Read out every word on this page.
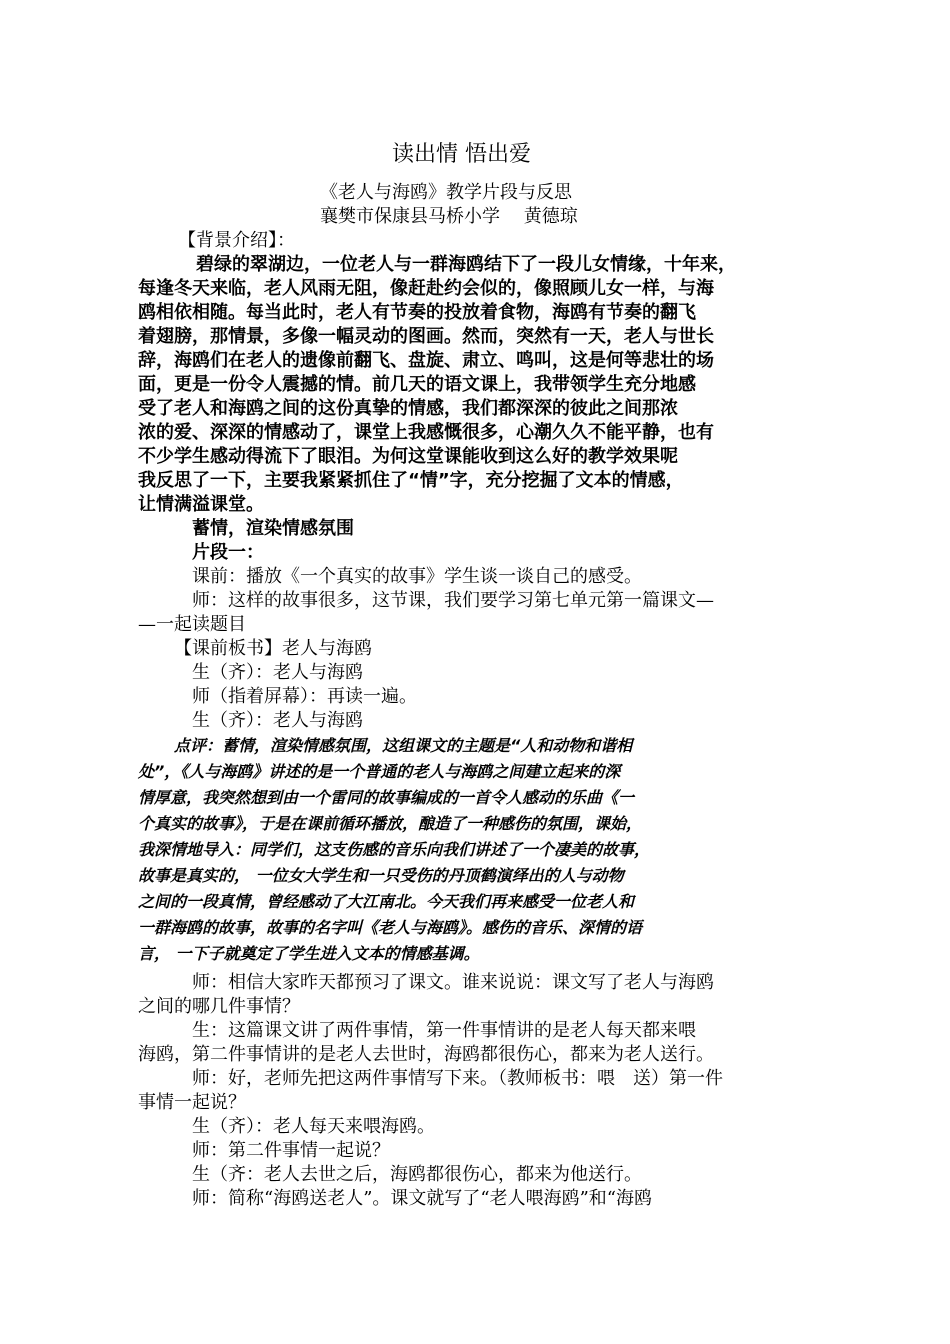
读出情 悟出爱
《老人与海鸥》教学片段与反思
襄樊市保康县马桥小学　 黄德琼
【背景介绍】：
碧绿的翠湖边，一位老人与一群海鸥结下了一段儿女情缘，十年来，
每逢冬天来临，老人风雨无阻，像赶赴约会似的，像照顾儿女一样，与海
鸥相依相随。每当此时，老人有节奏的投放着食物，海鸥有节奏的翻飞
着翅膀，那情景，多像一幅灵动的图画。然而，突然有一天，老人与世长
辞，海鸥们在老人的遗像前翻飞、盘旋、肃立、鸣叫，这是何等悲壮的场
面，更是一份令人震撼的情。前几天的语文课上，我带领学生充分地感
受了老人和海鸥之间的这份真挚的情感，我们都深深的彼此之间那浓
浓的爱、深深的情感动了，课堂上我感慨很多，心潮久久不能平静，也有
不少学生感动得流下了眼泪。为何这堂课能收到这么好的教学效果呢
我反思了一下，主要我紧紧抓住了“情”字，充分挖掘了文本的情感，
让情满溢课堂。
蓄情，渲染情感氛围
片段一：
课前：播放《一个真实的故事》学生谈一谈自己的感受。
师：这样的故事很多，这节课，我们要学习第七单元第一篇课文—
—一起读题目
【课前板书】老人与海鸥
生（齐）：老人与海鸥
师（指着屏幕）：再读一遍。
生（齐）：老人与海鸥
点评：蓄情，渲染情感氛围，这组课文的主题是“人和动物和谐相
处”，《人与海鸥》讲述的是一个普通的老人与海鸥之间建立起来的深
情厚意，我突然想到由一个雷同的故事编成的一首令人感动的乐曲《一
个真实的故事》，于是在课前循环播放，酿造了一种感伤的氛围，课始，
我深情地导入：同学们，这支伤感的音乐向我们讲述了一个凄美的故事，
故事是真实的， 一位女大学生和一只受伤的丹顶鹤演绎出的人与动物
之间的一段真情，曾经感动了大江南北。今天我们再来感受一位老人和
一群海鸥的故事，故事的名字叫《老人与海鸥》。感伤的音乐、深情的语
言， 一下子就奠定了学生进入文本的情感基调。
师：相信大家昨天都预习了课文。谁来说说：课文写了老人与海鸥
之间的哪几件事情？
生：这篇课文讲了两件事情，第一件事情讲的是老人每天都来喂
海鸥，第二件事情讲的是老人去世时，海鸥都很伤心，都来为老人送行。
师：好，老师先把这两件事情写下来。（教师板书：喂　送）第一件
事情一起说？
生（齐）：老人每天来喂海鸥。
师：第二件事情一起说？
生（齐：老人去世之后，海鸥都很伤心，都来为他送行。
师：简称“海鸥送老人”。课文就写了“老人喂海鸥”和“海鸥
